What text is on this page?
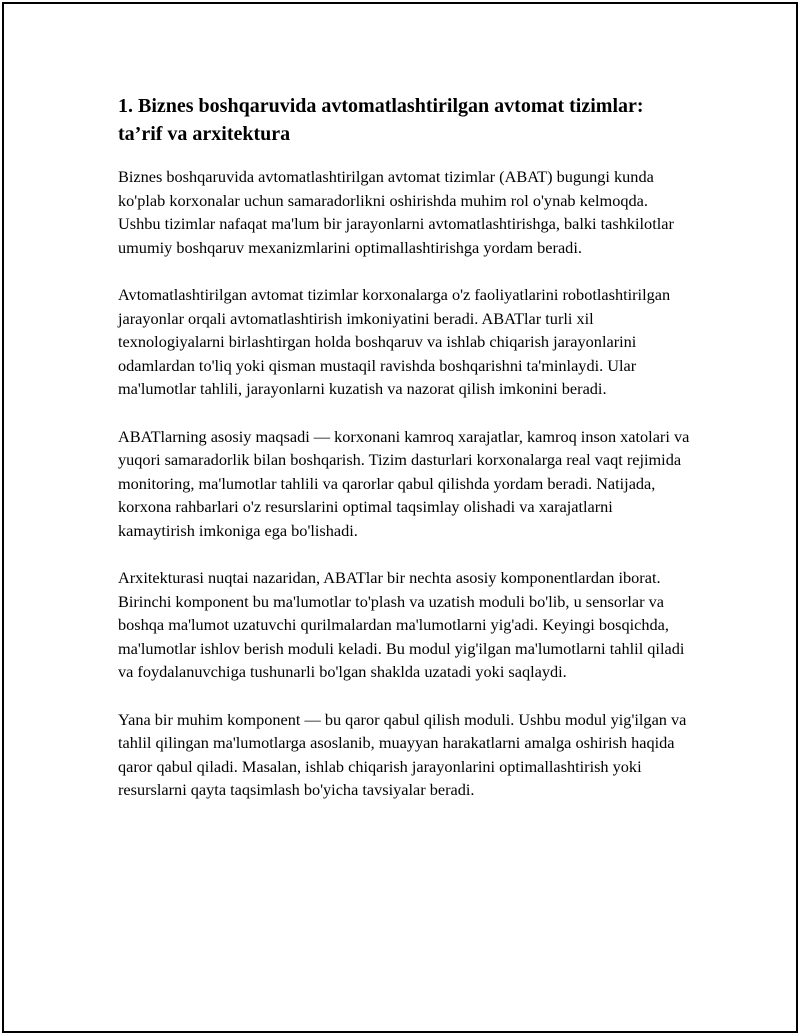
1. Biznes boshqaruvida avtomatlashtirilgan avtomat tizimlar: ta’rif va arxitektura

Biznes boshqaruvida avtomatlashtirilgan avtomat tizimlar (ABAT) bugungi kunda ko'plab korxonalar uchun samaradorlikni oshirishda muhim rol o'ynab kelmoqda. Ushbu tizimlar nafaqat ma'lum bir jarayonlarni avtomatlashtirishga, balki tashkilotlar umumiy boshqaruv mexanizmlarini optimallashtirishga yordam beradi.

Avtomatlashtirilgan avtomat tizimlar korxonalarga o'z faoliyatlarini robotlashtirilgan jarayonlar orqali avtomatlashtirish imkoniyatini beradi. ABATlar turli xil texnologiyalarni birlashtirgan holda boshqaruv va ishlab chiqarish jarayonlarini odamlardan to'liq yoki qisman mustaqil ravishda boshqarishni ta'minlaydi. Ular ma'lumotlar tahlili, jarayonlarni kuzatish va nazorat qilish imkonini beradi.

ABATlarning asosiy maqsadi — korxonani kamroq xarajatlar, kamroq inson xatolari va yuqori samaradorlik bilan boshqarish. Tizim dasturlari korxonalarga real vaqt rejimida monitoring, ma'lumotlar tahlili va qarorlar qabul qilishda yordam beradi. Natijada, korxona rahbarlari o'z resurslarini optimal taqsimlay olishadi va xarajatlarni kamaytirish imkoniga ega bo'lishadi.

Arxitekturasi nuqtai nazaridan, ABATlar bir nechta asosiy komponentlardan iborat. Birinchi komponent bu ma'lumotlar to'plash va uzatish moduli bo'lib, u sensorlar va boshqa ma'lumot uzatuvchi qurilmalardan ma'lumotlarni yig'adi. Keyingi bosqichda, ma'lumotlar ishlov berish moduli keladi. Bu modul yig'ilgan ma'lumotlarni tahlil qiladi va foydalanuvchiga tushunarli bo'lgan shaklda uzatadi yoki saqlaydi.

Yana bir muhim komponent — bu qaror qabul qilish moduli. Ushbu modul yig'ilgan va tahlil qilingan ma'lumotlarga asoslanib, muayyan harakatlarni amalga oshirish haqida qaror qabul qiladi. Masalan, ishlab chiqarish jarayonlarini optimallashtirish yoki resurslarni qayta taqsimlash bo'yicha tavsiyalar beradi.
